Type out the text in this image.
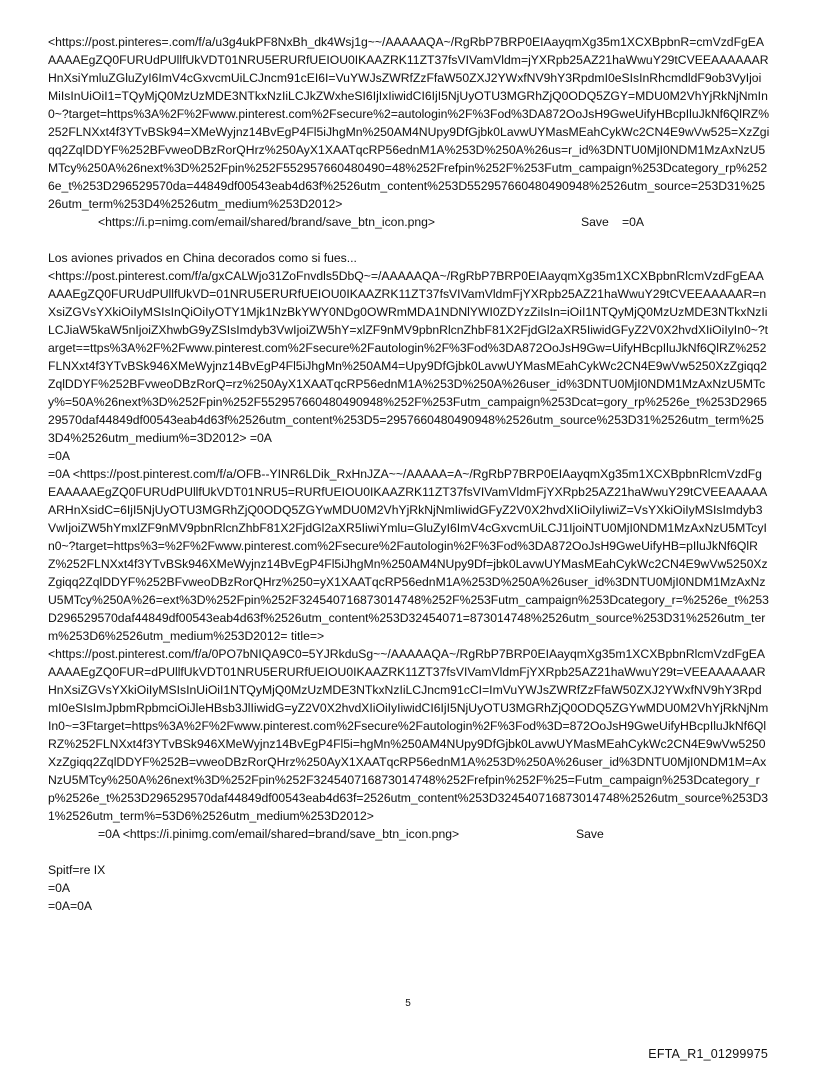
<https://post.pinteres=.com/f/a/u3g4ukPF8NxBh_dk4Wsj1g~~/AAAAAQA~/RgRbP7BRP0EIAayqmXg35m1XCXBpbnR=cmVzdFgEAAAAAEgZQ0FURUdPUllfUkVDT01NRU5ERURfUEIOU0IKAAZRK11ZT37fsVIVamVldm=jYXRpb25AZ21haWwuY29tCVEEAAAAAARHnXsiYmluZGluZyI6ImV4cGxvcmUiLCJncm91cEI6I=VuYWJsZWRfZzFfaW50ZXJ2YWxfNV9hY3RpdmI0eSIsInRhcmdldF9ob3VyIjoiMiIsInUiOiI1=TQyMjQ0MzUzMDE3NTkxNzIiLCJkZWxheSI6IjIxIiwidCI6IjI5NjUyOTU3MGRhZjQ0ODQ5ZGY=MDU0M2VhYjRkNjNmIn0~?target=https%3A%2F%2Fwww.pinterest.com%2Fsecure%2=autologin%2F%3Fod%3DA872OoJsH9GweUifyHBcpIluJkNf6QlRZ%252FLNXxt4f3YTvBSk94=XMeWyjnz14BvEgP4Fl5iJhgMn%250AM4NUpy9DfGjbk0LavwUYMasMEahCykWc2CN4E9wVw525=XzZgiqq2ZqlDDYF%252BFvweoDBzRorQHrz%250AyX1XAATqcRP56ednM1A%253D%250A%26us=r_id%3DNTU0MjI0NDM1MzAxNzU5MTcy%250A%26next%3D%252Fpin%252F552957660480490=48%252Frefpin%252F%253Futm_campaign%253Dcategory_rp%2526e_t%253D296529570da=44849df00543eab4d63f%2526utm_content%253D552957660480490948%2526utm_source=253D31%2526utm_term%253D4%2526utm_medium%253D2012>

<https://i.p=nimg.com/email/shared/brand/save_btn_icon.png>	Save =0A

Los aviones privados en China decorados como si fues...

<https://post.pinterest.com/f/a/gxCALWjo31ZoFnvdls5DbQ~=/AAAAAQA~/RgRbP7BRP0EIAayqmXg35m1XCXBpbnRlcmVzdFgEAAAAAEgZQ0FURUdPUllfUkVD=01NRU5ERURfUEIOU0IKAAZRK11ZT37fsVIVamVldmFjYXRpb25AZ21haWwuY29tCVEEAAAAAR=nXsiZGVsYXkiOiIyMSIsInQiOiIyOTY1Mjk1NzBkYWY0NDg0OWRmMDA1NDNlYWI0ZDYzZiIsIn=iOiI1NTQyMjQ0MzUzMDE3NTkxNzIiLCJiaW5kaW5nIjoiZXhwbG9yZSIsImdyb3VwIjoiZW5hY=xlZF9nMV9pbnRlcnZhbF81X2FjdGl2aXR5IiwidGFyZ2V0X2hvdXIiOiIyIn0~?target==ttps%3A%2F%2Fwww.pinterest.com%2Fsecure%2Fautologin%2F%3Fod%3DA872OoJsH9Gw=UifyHBcpIluJkNf6QlRZ%252FLNXxt4f3YTvBSk946XMeWyjnz14BvEgP4Fl5iJhgMn%250AM4=Upy9DfGjbk0LavwUYMasMEahCykWc2CN4E9wVw5250XzZgiqq2ZqlDDYF%252BFvweoDBzRorQ=rz%250AyX1XAATqcRP56ednM1A%253D%250A%26user_id%3DNTU0MjI0NDM1MzAxNzU5MTcy%=50A%26next%3D%252Fpin%252F552957660480490948%252F%253Futm_campaign%253Dcat=gory_rp%2526e_t%253D296529570daf44849df00543eab4d63f%2526utm_content%253D5=2957660480490948%2526utm_source%253D31%2526utm_term%253D4%2526utm_medium%=3D2012> =0A

=0A

=0A <https://post.pinterest.com/f/a/OFB--YINR6LDik_RxHnJZA~~/AAAAA=A~/RgRbP7BRP0EIAayqmXg35m1XCXBpbnRlcmVzdFgEAAAAAEgZQ0FURUdPUllfUkVDT01NRU5=RURfUEIOU0IKAAZRK11ZT37fsVIVamVldmFjYXRpb25AZ21haWwuY29tCVEEAAAAAARHnXsidC=6IjI5NjUyOTU3MGRhZjQ0ODQ5ZGYwMDU0M2VhYjRkNjNmIiwidGFyZ2V0X2hvdXIiOiIyIiwiZ=VsYXkiOiIyMSIsImdyb3VwIjoiZW5hYmxlZF9nMV9pbnRlcnZhbF81X2FjdGl2aXR5IiwiYmlu=GluZyI6ImV4cGxvcmUiLCJ1IjoiNTU0MjI0NDM1MzAxNzU5MTcyIn0~?target=https%3=%2F%2Fwww.pinterest.com%2Fsecure%2Fautologin%2F%3Fod%3DA872OoJsH9GweUifyHB=pIluJkNf6QlRZ%252FLNXxt4f3YTvBSk946XMeWyjnz14BvEgP4Fl5iJhgMn%250AM4NUpy9Df=jbk0LavwUYMasMEahCykWc2CN4E9wVw5250XzZgiqq2ZqlDDYF%252BFvweoDBzRorQHrz%250=yX1XAATqcRP56ednM1A%253D%250A%26user_id%3DNTU0MjI0NDM1MzAxNzU5MTcy%250A%26=ext%3D%252Fpin%252F324540716873014748%252F%253Futm_campaign%253Dcategory_r=%2526e_t%253D296529570daf44849df00543eab4d63f%2526utm_content%253D32454071=873014748%2526utm_source%253D31%2526utm_term%253D6%2526utm_medium%253D2012= title=>

<https://post.pinterest.com/f/a/0PO7bNIQA9C0=5YJRkduSg~~/AAAAAQA~/RgRbP7BRP0EIAayqmXg35m1XCXBpbnRlcmVzdFgEAAAAAEgZQ0FUR=dPUllfUkVDT01NRU5ERURfUEIOU0IKAAZRK11ZT37fsVIVamVldmFjYXRpb25AZ21haWwuY29t=VEEAAAAAARHnXsiZGVsYXkiOiIyMSIsInUiOiI1NTQyMjQ0MzUzMDE3NTkxNzIiLCJncm91cCI=ImVuYWJsZWRfZzFfaW50ZXJ2YWxfNV9hY3RpdmI0eSIsImJpbmRpbmciOiJleHBsb3JlIiwidG=yZ2V0X2hvdXIiOiIyIiwidCI6IjI5NjUyOTU3MGRhZjQ0ODQ5ZGYwMDU0M2VhYjRkNjNmIn0~=3Ftarget=https%3A%2F%2Fwww.pinterest.com%2Fsecure%2Fautologin%2F%3Fod%3D=872OoJsH9GweUifyHBcpIluJkNf6QlRZ%252FLNXxt4f3YTvBSk946XMeWyjnz14BvEgP4Fl5i=hgMn%250AM4NUpy9DfGjbk0LavwUYMasMEahCykWc2CN4E9wVw5250XzZgiqq2ZqlDDYF%252B=vweoDBzRorQHrz%250AyX1XAATqcRP56ednM1A%253D%250A%26user_id%3DNTU0MjI0NDM1M=AxNzU5MTcy%250A%26next%3D%252Fpin%252F324540716873014748%252Frefpin%252F%25=Futm_campaign%253Dcategory_rp%2526e_t%253D296529570daf44849df00543eab4d63f=2526utm_content%253D324540716873014748%2526utm_source%253D31%2526utm_term%=53D6%2526utm_medium%253D2012>

=0A <https://i.pinimg.com/email/shared=brand/save_btn_icon.png>	Save

Spitf=re IX

=0A

=0A=0A

5
EFTA_R1_01299975
